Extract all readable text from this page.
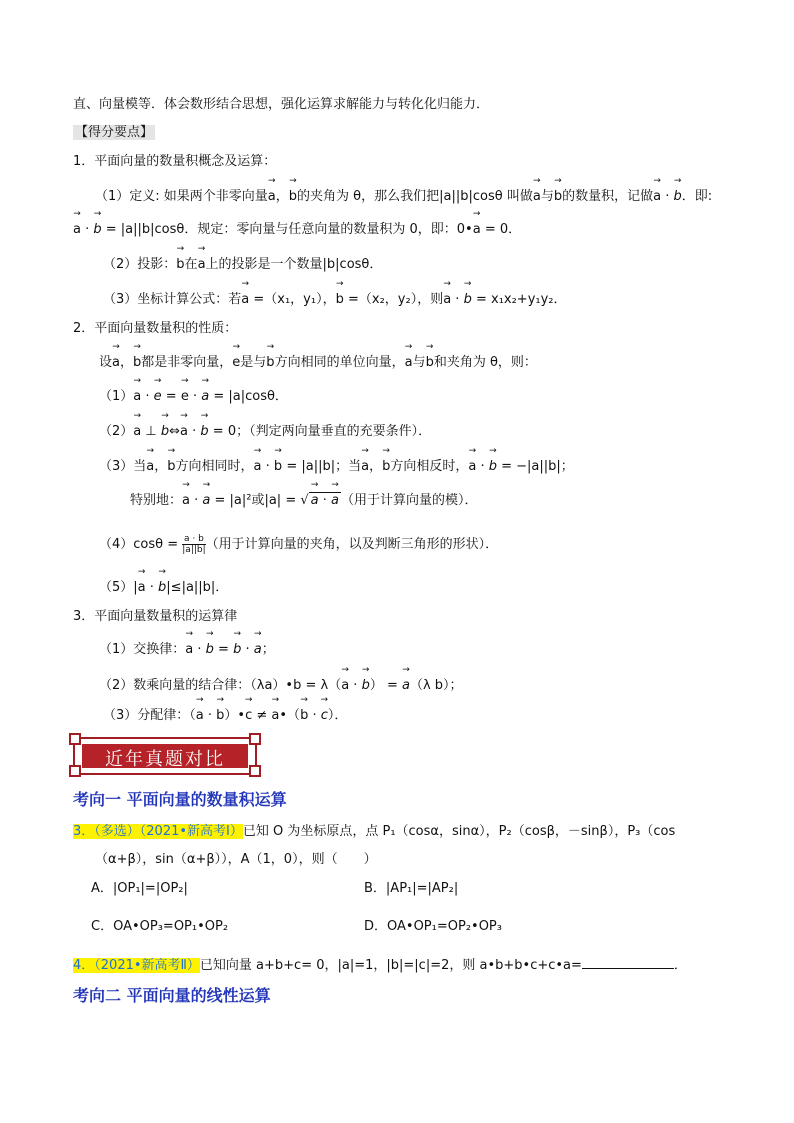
直、向量模等．体会数形结合思想，强化运算求解能力与转化化归能力．
【得分要点】
1．平面向量的数量积概念及运算：
（1）定义: 如果两个非零向量→ a，→ b的夹角为 θ，那么我们把|a||b|cosθ 叫做→ a与→ b的数量积，记做→ a · → b．即:
→ a · → b = |a||b|cosθ．规定：零向量与任意向量的数量积为 0，即：0•→ a = 0．
（2）投影：→ b在→ a上的投影是一个数量|b|cosθ．
（3）坐标计算公式：若→ a =（x₁，y₁），→ b =（x₂，y₂），则→ a · → b = x₁x₂+y₁y₂．
2．平面向量数量积的性质：
设→ a，→ b都是非零向量，→ e是与→ b方向相同的单位向量，→ a与→ b和夹角为 θ，则：
（1）→ a · → e = → e · → a = |a|cosθ．
（2）→ a ⊥ → b⇔→ a · → b = 0；（判定两向量垂直的充要条件）．
（3）当→ a，→ b方向相同时，→ a · → b = |a||b|；当→ a，→ b方向相反时，→ a · → b = −|a||b|；
特别地：→ a · → a = |a|²或|a| = √→ a · → a （用于计算向量的模）．
$(4)\cos\theta = \frac{a \cdot b}{|a||b|}$（用于计算向量的夹角，以及判断三角形的形状）．
（5）|→ a · → b|≤|a||b|．
3．平面向量数量积的运算律
（1）交换律：→ a · → b = → b · → a；
（2）数乘向量的结合律：（λa）•b = λ（→ a · → b） = → a（λ b）；
（3）分配律：（→ a · → b）•→ c ≠ → a•（→ b · → c）．
近年真题对比
考向一 平面向量的数量积运算
3．（多选）（2021•新高考Ⅰ）已知 O 为坐标原点，点 P₁（cosα，sinα），P₂（cosβ，－sinβ），P₃（cos
（α+β），sin（α+β）），A（1，0），则（　　）
A．|OP₁|=|OP₂|	B．|AP₁|=|AP₂|
C．OA•OP₃=OP₁•OP₂	D．OA•OP₁=OP₂•OP₃
4．（2021•新高考Ⅱ）已知向量 a+b+c= 0，|a|=1，|b|=|c|=2，则 a•b+b•c+c•a=	．
考向二 平面向量的线性运算
